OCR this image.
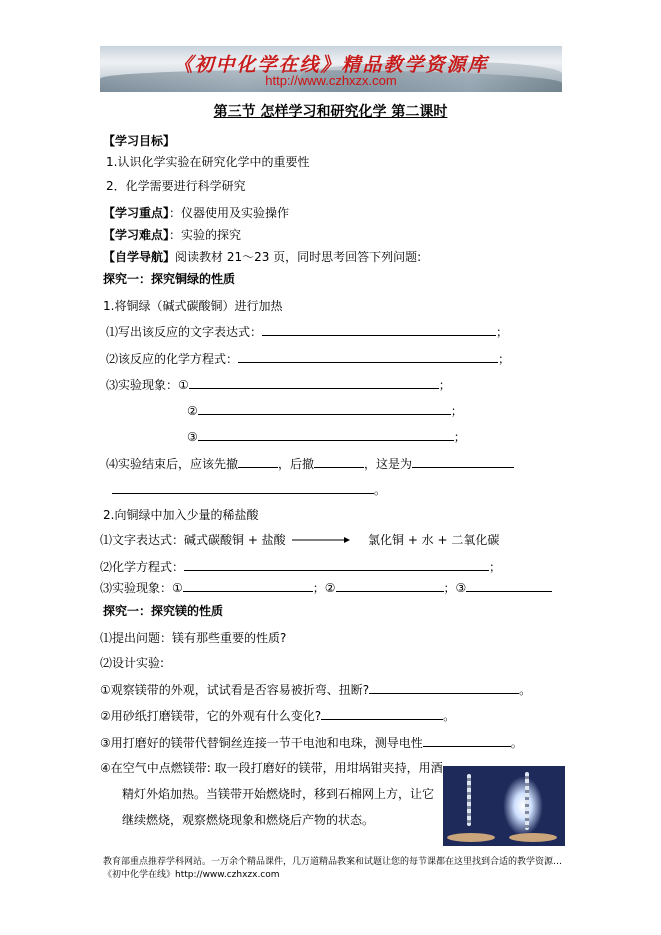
《初中化学在线》精品教学资源库
http://www.czhxzx.com
第三节 怎样学习和研究化学 第二课时
【学习目标】
1.认识化学实验在研究化学中的重要性
2．化学需要进行科学研究
【学习重点】：仪器使用及实验操作
【学习难点】：实验的探究
【自学导航】阅读教材 21～23 页，同时思考回答下列问题:
探究一：探究铜绿的性质
1.将铜绿（碱式碳酸铜）进行加热
⑴写出该反应的文字表达式：	；
⑵该反应的化学方程式：	；
⑶实验现象：①	；
②	；
③	；
⑷实验结束后，应该先撤	，后撤	，这是为
。
2.向铜绿中加入少量的稀盐酸
⑴文字表达式：碱式碳酸铜 + 盐酸	氯化铜 + 水 + 二氧化碳
⑵化学方程式：	；
⑶实验现象：①	；②	；③
探究一：探究镁的性质
⑴提出问题：镁有那些重要的性质?
⑵设计实验:
①观察镁带的外观，试试看是否容易被折弯、扭断?	。
②用砂纸打磨镁带，它的外观有什么变化?	。
③用打磨好的镁带代替铜丝连接一节干电池和电珠，测导电性	。
④在空气中点燃镁带: 取一段打磨好的镁带，用坩埚钳夹持，用酒
精灯外焰加热。当镁带开始燃烧时，移到石棉网上方，让它
继续燃烧，观察燃烧现象和燃烧后产物的状态。
教育部重点推荐学科网站。一万余个精品课件，几万道精品教案和试题让您的每节课都在这里找到合适的教学资源…《初中化学在线》http://www.czhxzx.com
